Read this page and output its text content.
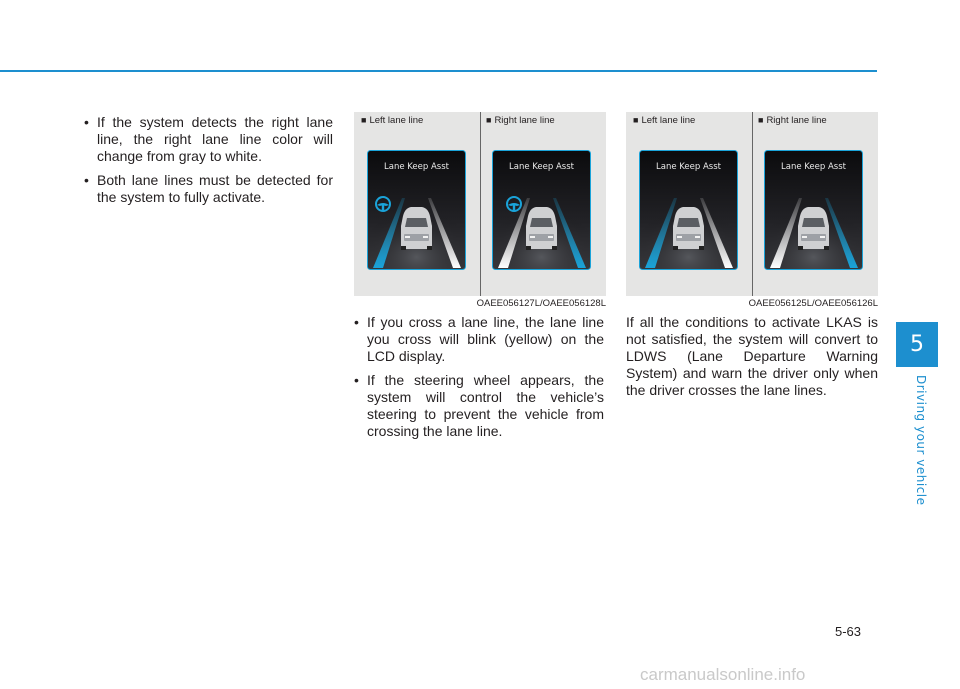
5
Driving your vehicle
• If the system detects the right lane line, the right lane line color will change from gray to white.
• Both lane lines must be detected for the system to fully activate.
■ Left lane line	■ Right lane line
Lane Keep Asst	Lane Keep Asst
OAEE056127L/OAEE056128L
■ Left lane line	■ Right lane line
Lane Keep Asst	Lane Keep Asst
OAEE056125L/OAEE056126L
• If you cross a lane line, the lane line you cross will blink (yellow) on the LCD display.
• If the steering wheel appears, the system will control the vehicle’s steering to prevent the vehicle from crossing the lane line.

If all the conditions to activate LKAS is not satisfied, the system will convert to LDWS (Lane Departure Warning System) and warn the driver only when the driver crosses the lane lines.

5-63
carmanualsonline.info
